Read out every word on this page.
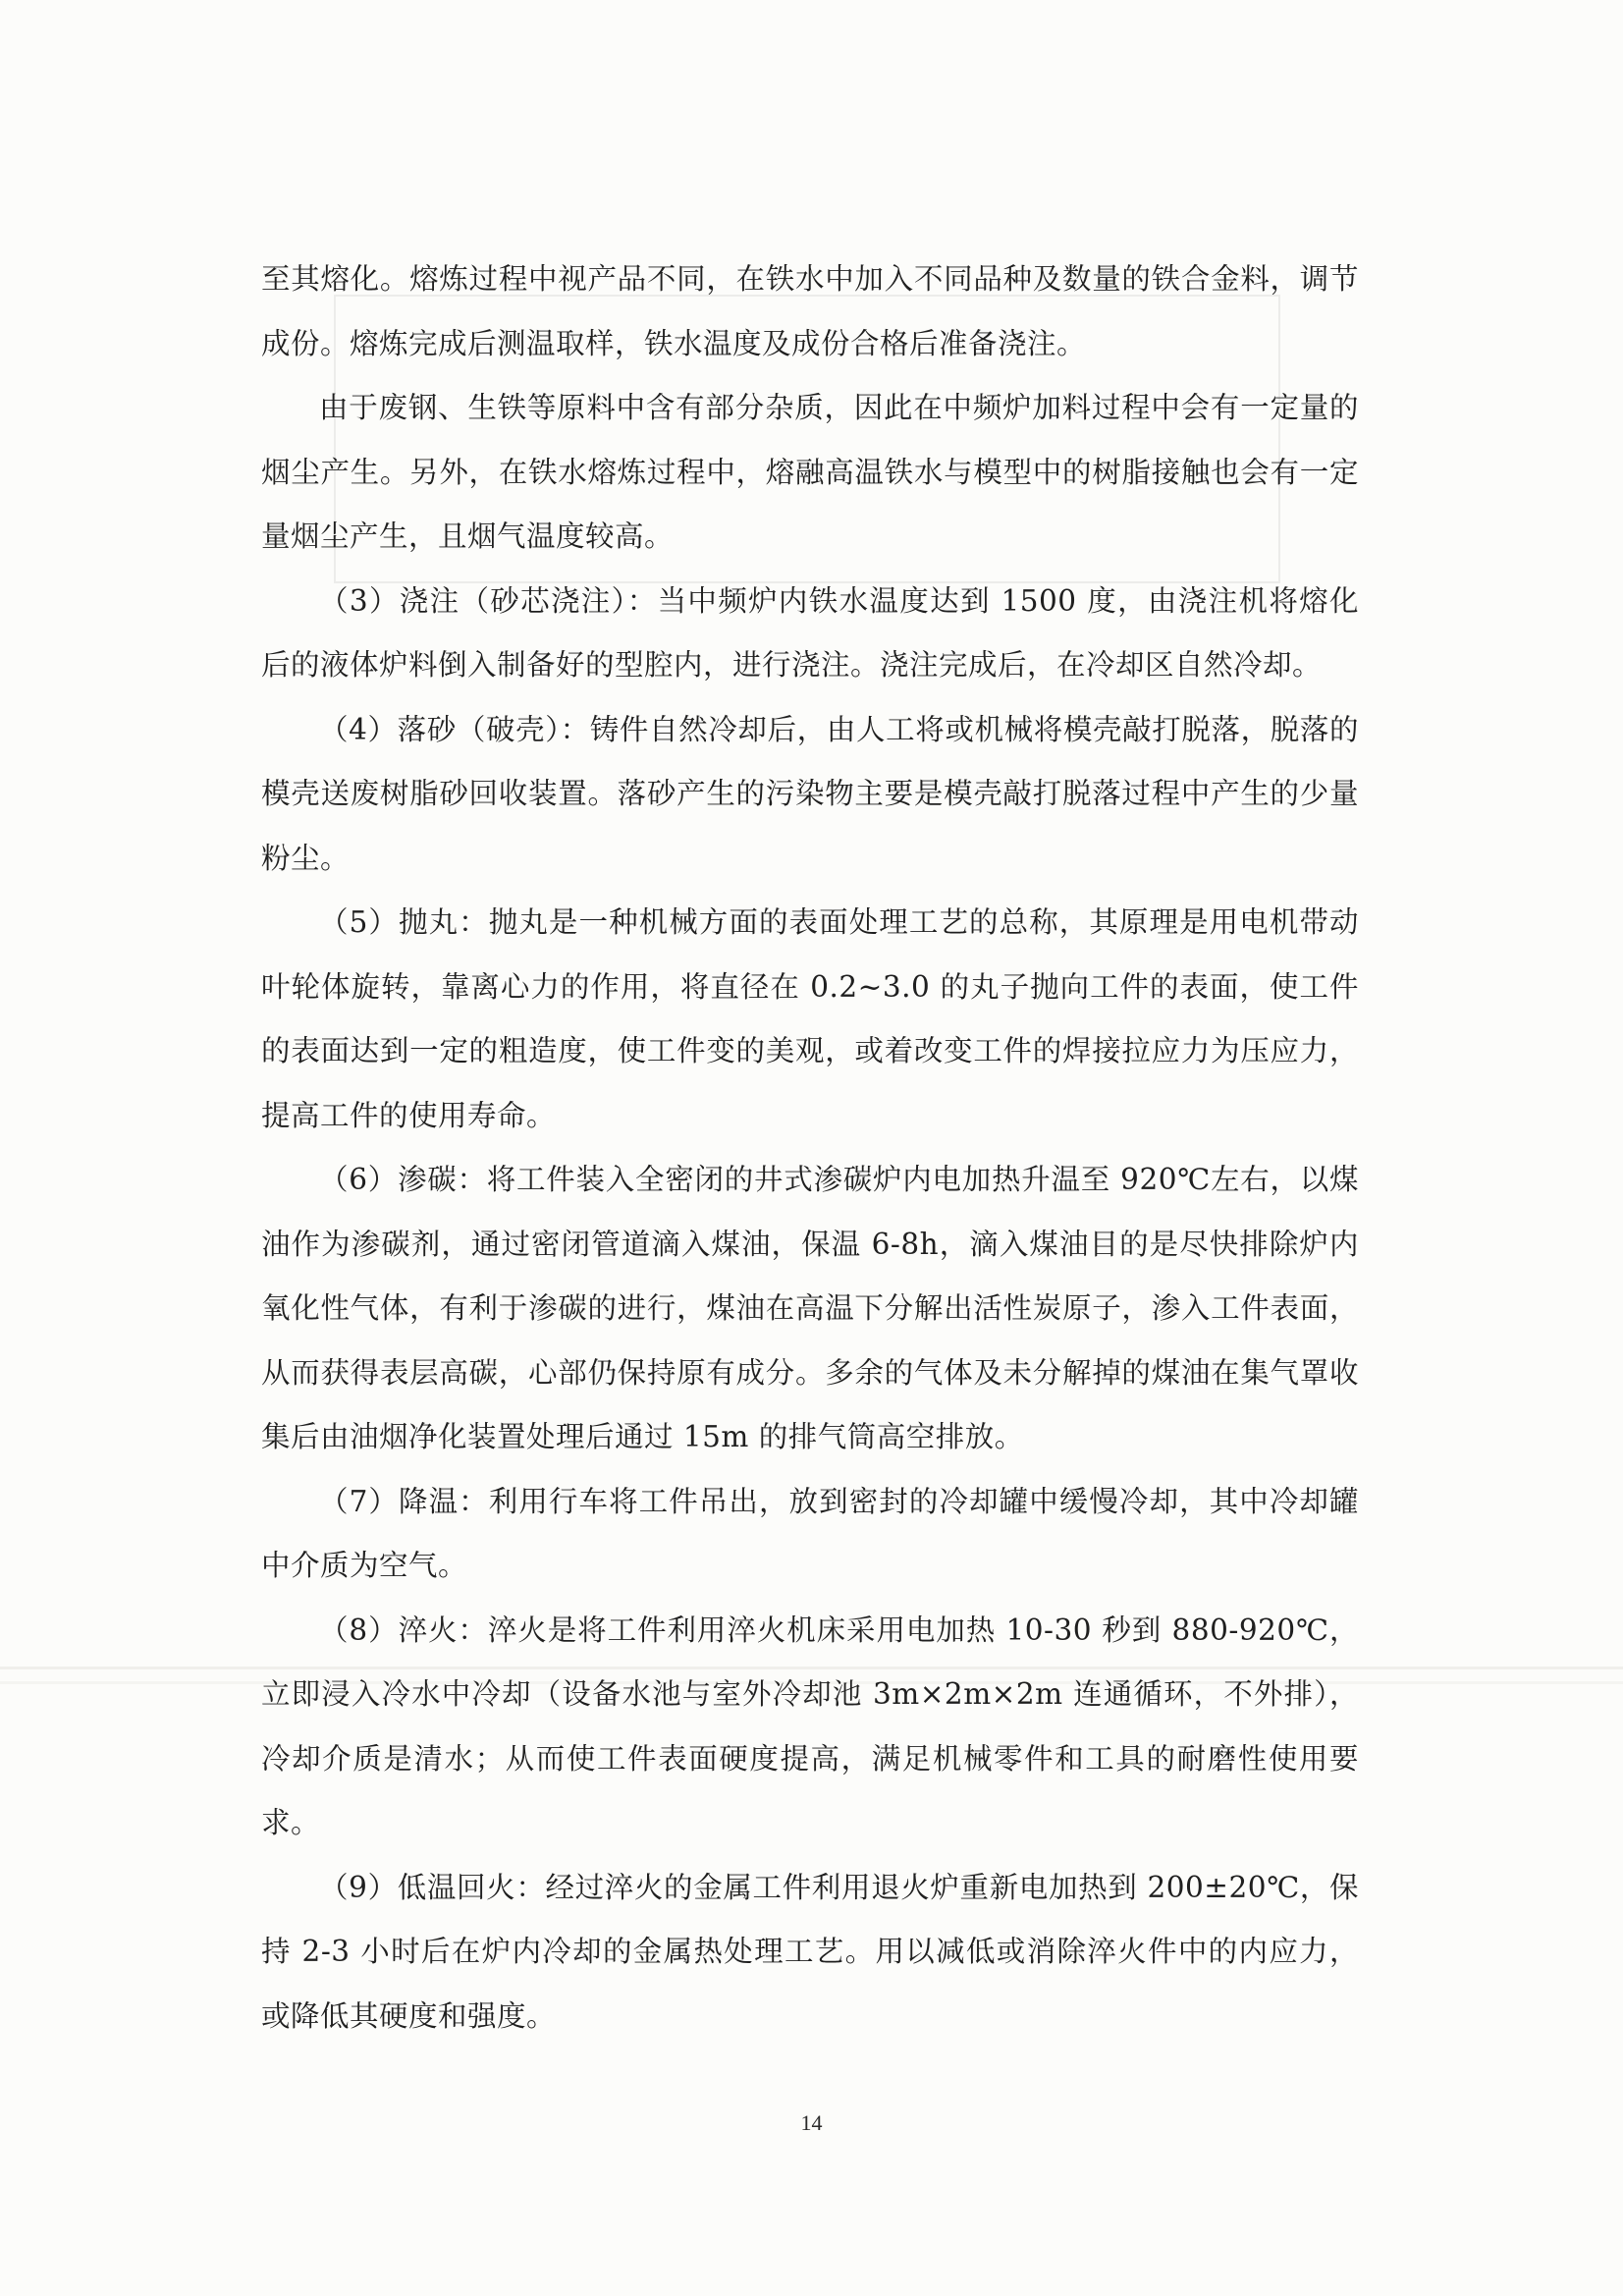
至其熔化。熔炼过程中视产品不同，在铁水中加入不同品种及数量的铁合金料，调节成份。熔炼完成后测温取样，铁水温度及成份合格后准备浇注。

由于废钢、生铁等原料中含有部分杂质，因此在中频炉加料过程中会有一定量的烟尘产生。另外，在铁水熔炼过程中，熔融高温铁水与模型中的树脂接触也会有一定量烟尘产生，且烟气温度较高。

（3）浇注（砂芯浇注）：当中频炉内铁水温度达到 1500 度，由浇注机将熔化后的液体炉料倒入制备好的型腔内，进行浇注。浇注完成后，在冷却区自然冷却。

（4）落砂（破壳）：铸件自然冷却后，由人工将或机械将模壳敲打脱落，脱落的模壳送废树脂砂回收装置。落砂产生的污染物主要是模壳敲打脱落过程中产生的少量粉尘。

（5）抛丸：抛丸是一种机械方面的表面处理工艺的总称，其原理是用电机带动叶轮体旋转，靠离心力的作用，将直径在 0.2~3.0 的丸子抛向工件的表面，使工件的表面达到一定的粗造度，使工件变的美观，或着改变工件的焊接拉应力为压应力，提高工件的使用寿命。

（6）渗碳：将工件装入全密闭的井式渗碳炉内电加热升温至 920℃左右，以煤油作为渗碳剂，通过密闭管道滴入煤油，保温 6-8h，滴入煤油目的是尽快排除炉内氧化性气体，有利于渗碳的进行，煤油在高温下分解出活性炭原子，渗入工件表面，从而获得表层高碳，心部仍保持原有成分。多余的气体及未分解掉的煤油在集气罩收集后由油烟净化装置处理后通过 15m 的排气筒高空排放。

（7）降温：利用行车将工件吊出，放到密封的冷却罐中缓慢冷却，其中冷却罐中介质为空气。

（8）淬火：淬火是将工件利用淬火机床采用电加热 10-30 秒到 880-920℃，立即浸入冷水中冷却（设备水池与室外冷却池 3m×2m×2m 连通循环，不外排），冷却介质是清水；从而使工件表面硬度提高，满足机械零件和工具的耐磨性使用要求。

（9）低温回火：经过淬火的金属工件利用退火炉重新电加热到 200±20℃，保持 2-3 小时后在炉内冷却的金属热处理工艺。用以减低或消除淬火件中的内应力，或降低其硬度和强度。

14
